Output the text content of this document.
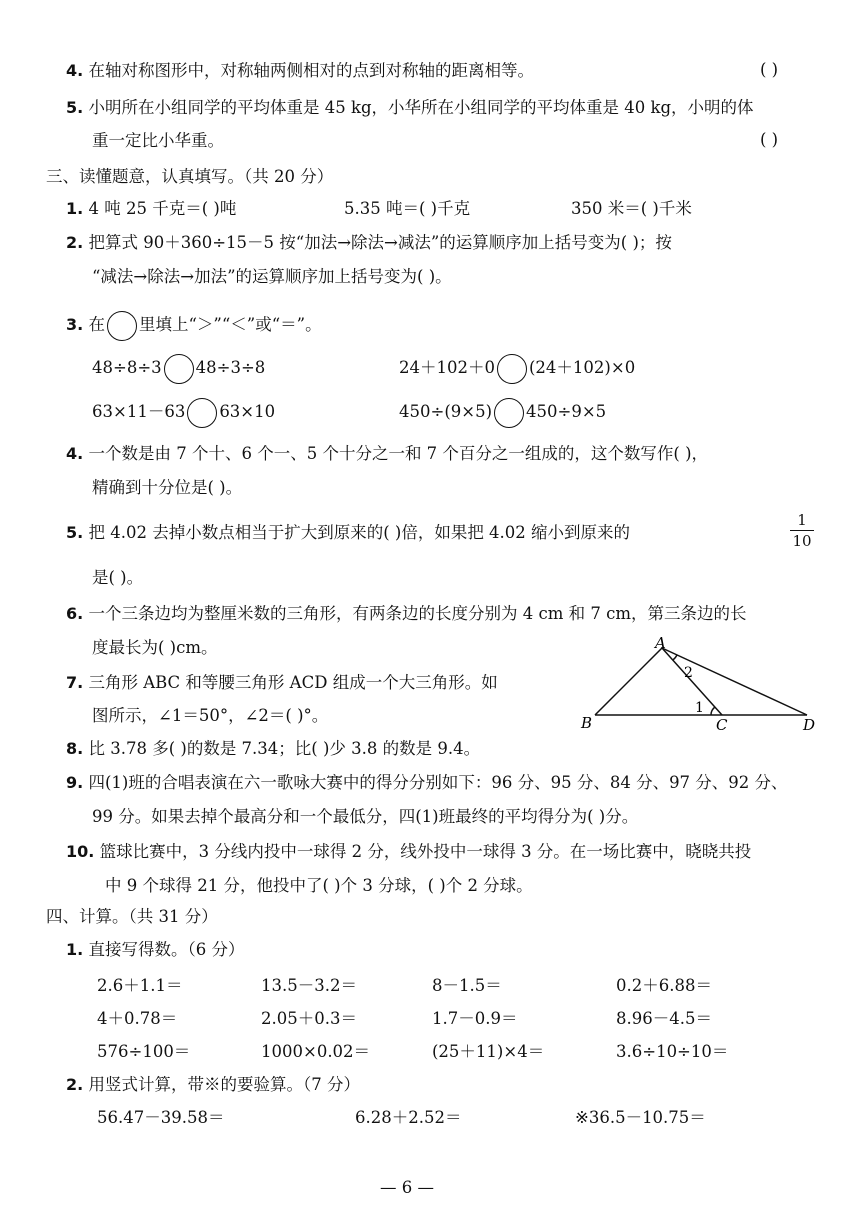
4. 在轴对称图形中，对称轴两侧相对的点到对称轴的距离相等。	( )
5. 小明所在小组同学的平均体重是 45 kg，小华所在小组同学的平均体重是 40 kg，小明的体
重一定比小华重。	( )
三、读懂题意，认真填写。（共 20 分）
1. 4 吨 25 千克＝( )吨	5.35 吨＝( )千克	350 米＝( )千米
2. 把算式 90＋360÷15－5 按“加法→除法→减法”的运算顺序加上括号变为( )；按
“减法→除法→加法”的运算顺序加上括号变为( )。
3. 在 里填上“＞”“＜”或“＝”。
48÷8÷3 48÷3÷8	24＋102＋0 (24＋102)×0
63×11－63 63×10	450÷(9×5) 450÷9×5
4. 一个数是由 7 个十、6 个一、5 个十分之一和 7 个百分之一组成的，这个数写作( )，
精确到十分位是( )。
5. 把 4.02 去掉小数点相当于扩大到原来的( )倍，如果把 4.02 缩小到原来的
1
10
是( )。
6. 一个三条边均为整厘米数的三角形，有两条边的长度分别为 4 cm 和 7 cm，第三条边的长
度最长为( )cm。
7. 三角形 ABC 和等腰三角形 ACD 组成一个大三角形。如
图所示，∠1＝50°，∠2＝( )°。
A
B	C	D
2
1
8. 比 3.78 多( )的数是 7.34；比( )少 3.8 的数是 9.4。
9. 四(1)班的合唱表演在六一歌咏大赛中的得分分别如下：96 分、95 分、84 分、97 分、92 分、
99 分。如果去掉个最高分和一个最低分，四(1)班最终的平均得分为( )分。
10. 篮球比赛中，3 分线内投中一球得 2 分，线外投中一球得 3 分。在一场比赛中，晓晓共投
中 9 个球得 21 分，他投中了( )个 3 分球，( )个 2 分球。
四、计算。（共 31 分）
1. 直接写得数。（6 分）
2.6＋1.1＝	13.5－3.2＝	8－1.5＝	0.2＋6.88＝
4＋0.78＝	2.05＋0.3＝	1.7－0.9＝	8.96－4.5＝
576÷100＝	1000×0.02＝	(25＋11)×4＝	3.6÷10÷10＝
2. 用竖式计算，带※的要验算。（7 分）
56.47－39.58＝	6.28＋2.52＝	※36.5－10.75＝
— 6 —
